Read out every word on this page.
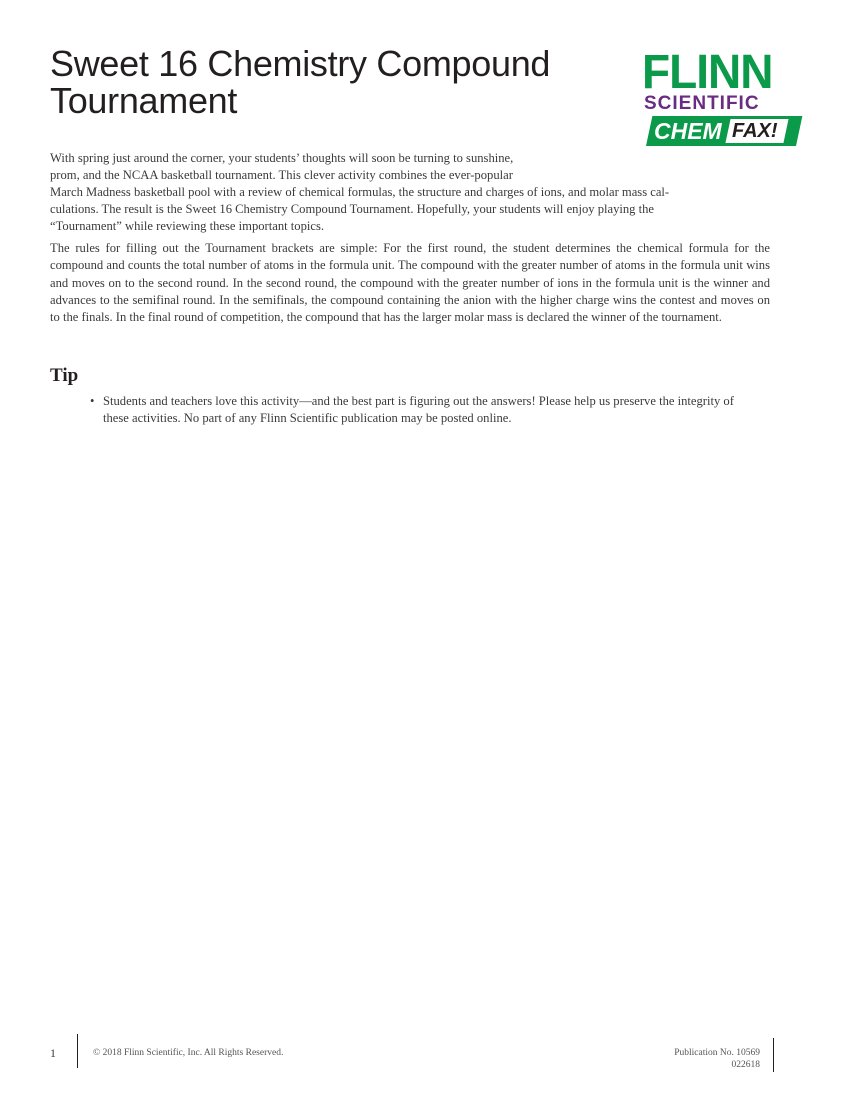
Sweet 16 Chemistry Compound Tournament

FLINN

SCIENTIFIC

CHEM FAX!

With spring just around the corner, your students’ thoughts will soon be turning to sunshine,
prom, and the NCAA basketball tournament. This clever activity combines the ever-popular
March Madness basketball pool with a review of chemical formulas, the structure and charges of ions, and molar mass cal-
culations. The result is the Sweet 16 Chemistry Compound Tournament. Hopefully, your students will enjoy playing the
“Tournament” while reviewing these important topics.

The rules for filling out the Tournament brackets are simple: For the first round, the student determines the chemical formula for the compound and counts the total number of atoms in the formula unit. The compound with the greater number of atoms in the formula unit wins and moves on to the second round. In the second round, the compound with the greater number of ions in the formula unit is the winner and advances to the semifinal round. In the semifinals, the compound containing the anion with the higher charge wins the contest and moves on to the finals. In the final round of competition, the compound that has the larger molar mass is declared the winner of the tournament.

Tip
• Students and teachers love this activity—and the best part is figuring out the answers! Please help us preserve the integrity of these activities. No part of any Flinn Scientific publication may be posted online.

1	© 2018 Flinn Scientific, Inc. All Rights Reserved.	Publication No. 10569
022618
